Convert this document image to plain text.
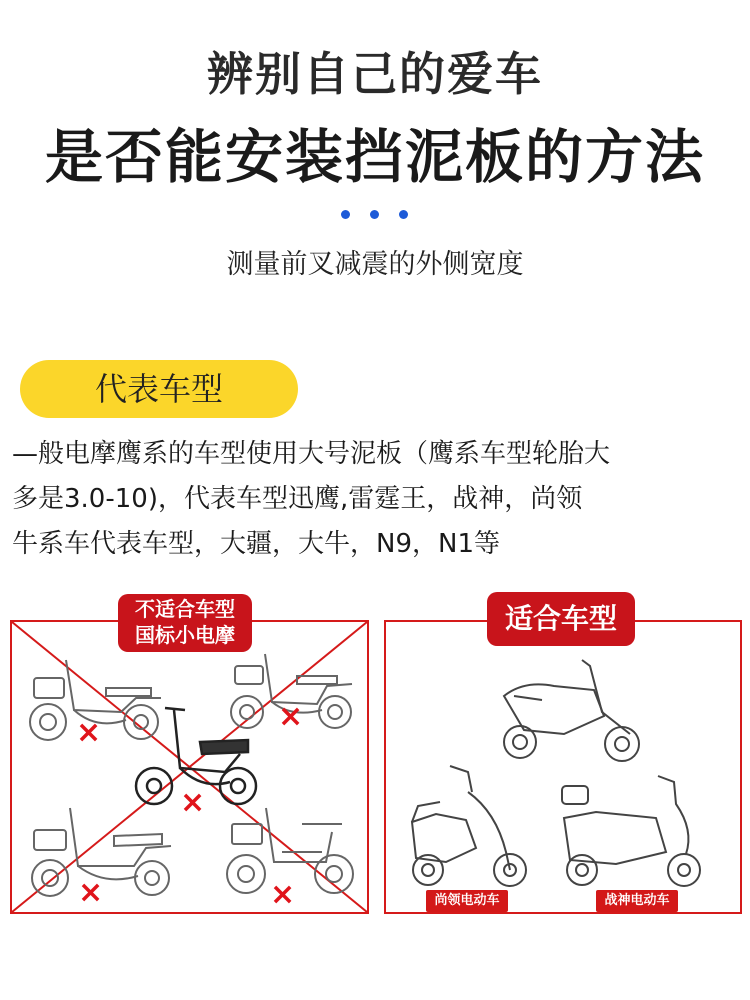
辨别自己的爱车
是否能安装挡泥板的方法
测量前叉减震的外侧宽度
代表车型
—般电摩鹰系的车型使用大号泥板（鹰系车型轮胎大
多是3.0-10)，代表车型迅鹰,雷霆王，战神，尚领
牛系车代表车型，大疆，大牛，N9，N1等
×	×
×
×	×
不适合车型
国标小电摩
尚领电动车	战神电动车
适合车型
